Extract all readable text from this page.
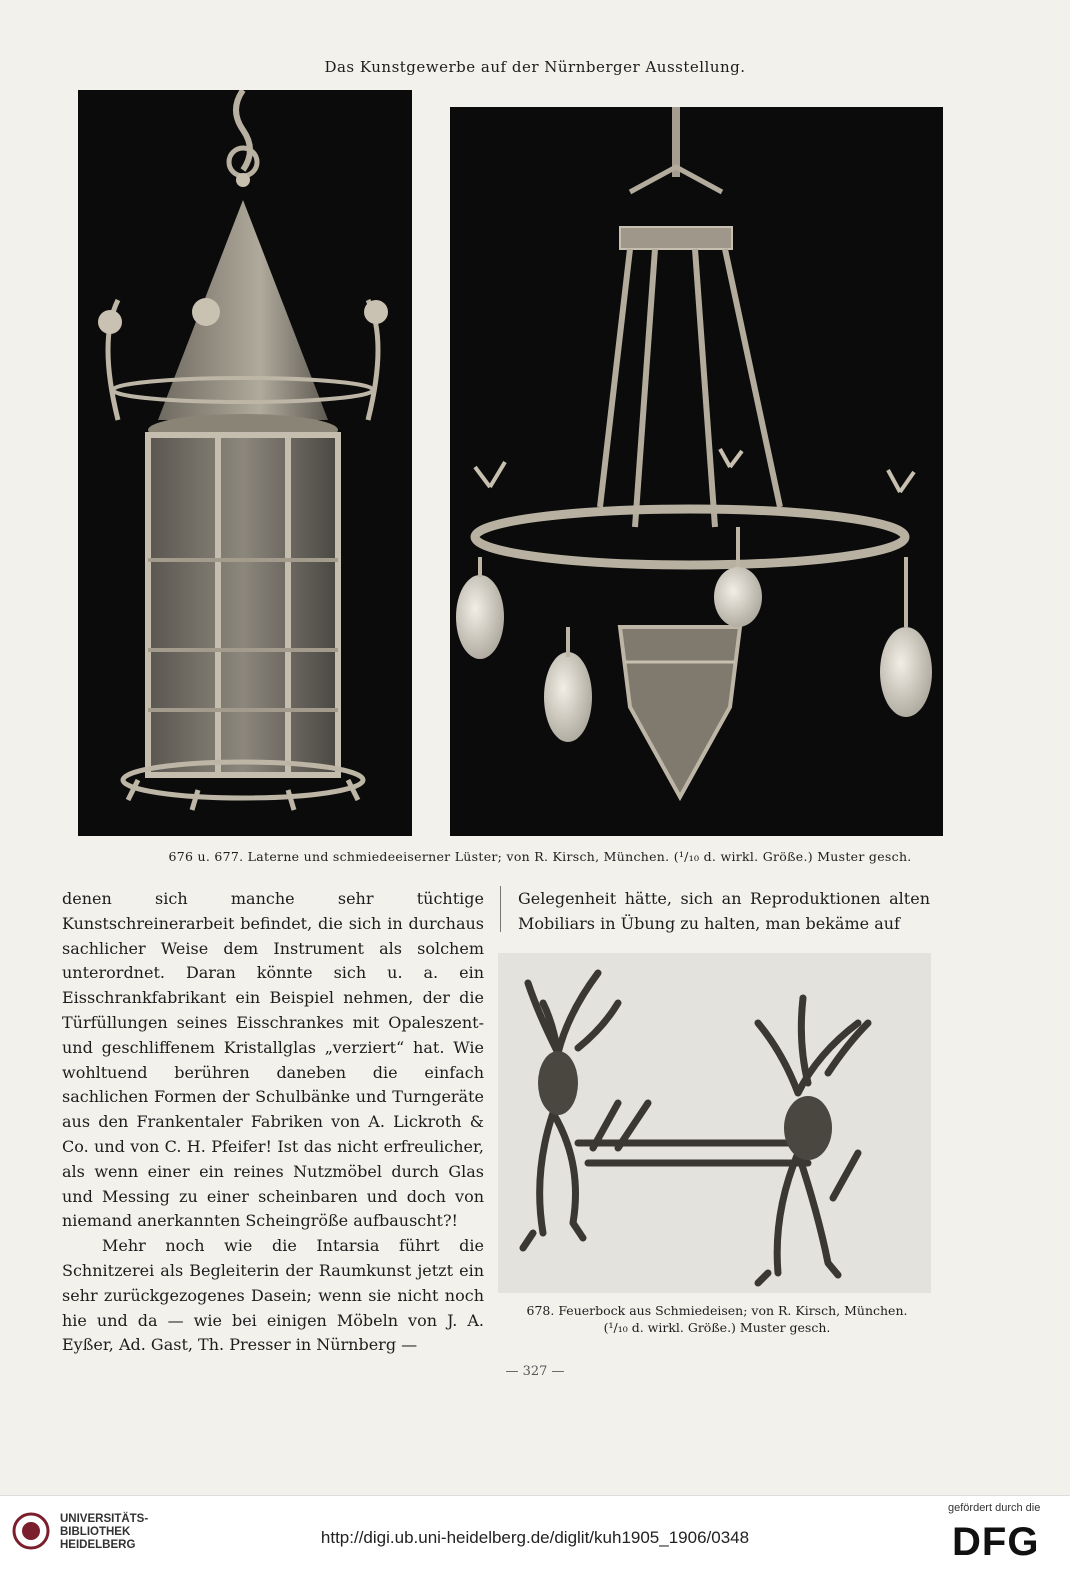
Das Kunstgewerbe auf der Nürnberger Ausstellung.
676 u. 677. Laterne und schmiedeeiserner Lüster; von R. Kirsch, München. (¹/₁₀ d. wirkl. Größe.) Muster gesch.

denen sich manche sehr tüchtige Kunstschreinerarbeit befindet, die sich in durchaus sachlicher Weise dem Instrument als solchem unterordnet. Daran könnte sich u. a. ein Eisschrankfabrikant ein Beispiel nehmen, der die Türfüllungen seines Eisschrankes mit Opaleszent- und geschliffenem Kristallglas „verziert“ hat. Wie wohltuend berühren daneben die einfach sachlichen Formen der Schulbänke und Turngeräte aus den Frankentaler Fabriken von A. Lickroth & Co. und von C. H. Pfeifer! Ist das nicht erfreulicher, als wenn einer ein reines Nutzmöbel durch Glas und Messing zu einer scheinbaren und doch von niemand anerkannten Scheingröße aufbauscht?!

Mehr noch wie die Intarsia führt die Schnitzerei als Begleiterin der Raumkunst jetzt ein sehr zurückgezogenes Dasein; wenn sie nicht noch hie und da — wie bei einigen Möbeln von J. A. Eyßer, Ad. Gast, Th. Presser in Nürnberg —

Gelegenheit hätte, sich an Reproduktionen alten Mobiliars in Übung zu halten, man bekäme auf

678. Feuerbock aus Schmiedeisen; von R. Kirsch, München.
(¹/₁₀ d. wirkl. Größe.) Muster gesch.
— 327 —
UNIVERSITÄTS-
BIBLIOTHEK
HEIDELBERG	http://digi.ub.uni-heidelberg.de/diglit/kuh1905_1906/0348
gefördert durch die
DFG
